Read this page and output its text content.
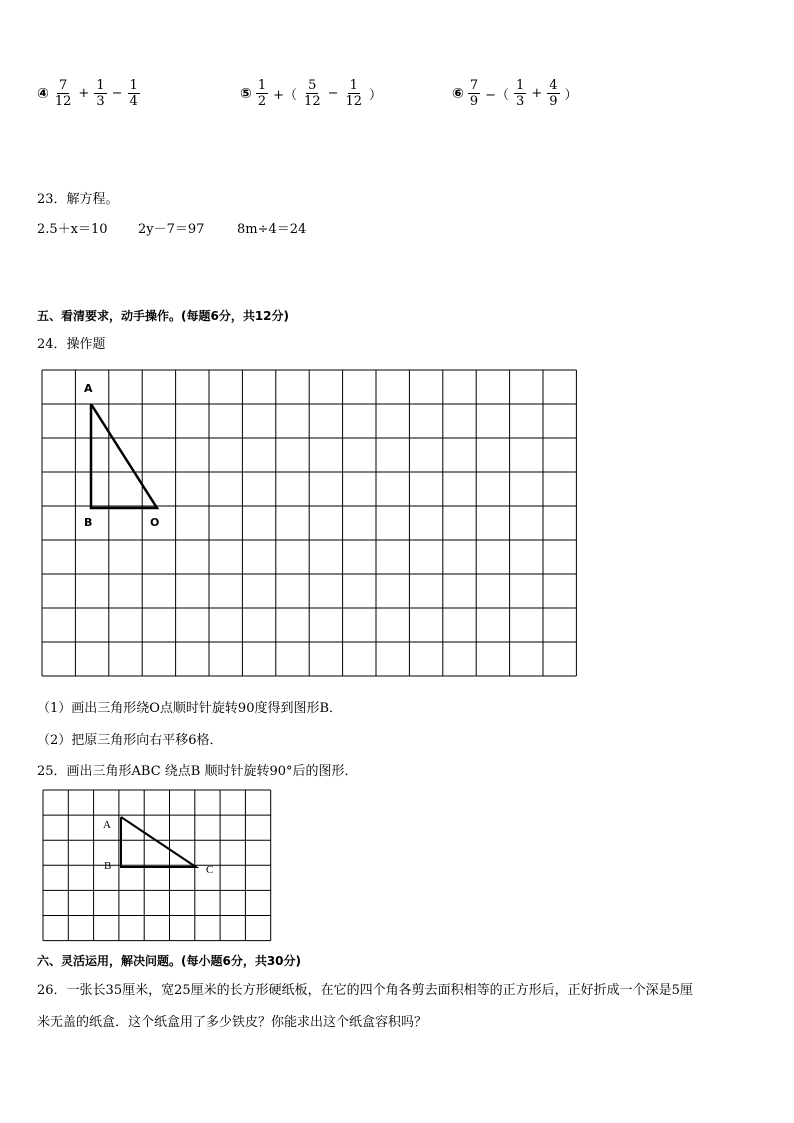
④ $\frac{7}{12} + \frac{1}{3} - \frac{1}{4}$	⑤ $\frac{1}{2}$ +（ $\frac{5}{12} - \frac{1}{12}$ ）	⑥ $\frac{7}{9}$ −（ $\frac{1}{3} + \frac{4}{9}$ ）
23．解方程。
2.5＋x＝10 2y－7＝97	8m÷4＝24
五、看清要求，动手操作。(每题6分，共12分)
24．操作题
A
B	O
（1）画出三角形绕O点顺时针旋转90度得到图形B．
（2）把原三角形向右平移6格．
25．画出三角形ABC 绕点B 顺时针旋转90°后的图形．
A
B	C
六、灵活运用，解决问题。(每小题6分，共30分)
26．一张长35厘米，宽25厘米的长方形硬纸板，在它的四个角各剪去面积相等的正方形后，正好折成一个深是5厘
米无盖的纸盒．这个纸盒用了多少铁皮？你能求出这个纸盒容积吗？
